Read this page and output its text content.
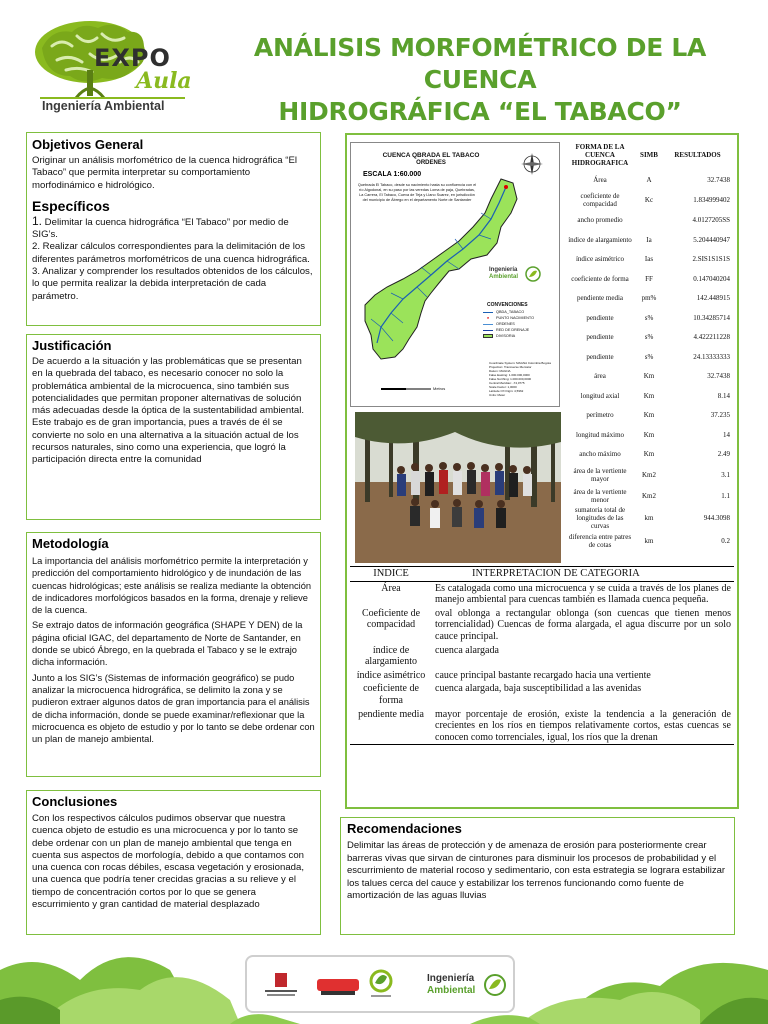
EXPO
Aula
Ingeniería Ambiental
ANÁLISIS MORFOMÉTRICO DE LA CUENCA
HIDROGRÁFICA “EL TABACO”
Objetivos General
Originar un análisis morfométrico de la cuenca hidrográfica “El Tabaco” que permita interpretar su comportamiento morfodinámico e hidrológico.
Específicos
1. Delimitar la cuenca hidrográfica “El Tabaco” por medio de SIG’s.
2. Realizar cálculos correspondientes para la delimitación de los diferentes parámetros morfométricos de una cuenca hidrográfica.
3. Analizar y comprender los resultados obtenidos de los cálculos, lo que permita realizar la debida interpretación de cada parámetro.
Justificación
De acuerdo a la situación y las problemáticas que se presentan en la quebrada del tabaco, es necesario conocer no solo la problemática ambiental de la microcuenca, sino también sus potencialidades que permitan proponer alternativas de solución más adecuadas desde la óptica de la sustentabilidad ambiental.
Este trabajo es de gran importancia, pues a través de él se convierte no solo en una alternativa a la situación actual de los recursos naturales, sino como una experiencia, que logró la participación directa entre la comunidad
Metodología
La importancia del análisis morfométrico permite la interpretación y predicción del comportamiento hidrológico y de inundación de las cuencas hidrológicas; este análisis se realiza mediante la obtención de indicadores morfológicos basados en la forma, drenaje y relieve de la cuenca.
Se extrajo datos de información geográfica (SHAPE Y DEN) de la página oficial IGAC, del departamento de Norte de Santander, en donde se ubicó Ábrego, en la quebrada el Tabaco y se le extrajo dicha información.
Junto a los SIG’s (Sistemas de información geográfico) se pudo analizar la microcuenca hidrográfica, se delimito la zona y se pudieron extraer algunos datos de gran importancia para el análisis de dicha información, donde se puede examinar/reflexionar que la microcuenca es objeto de estudio y por lo tanto se debe ordenar con un plan de manejo ambiental.
Conclusiones
Con los respectivos cálculos pudimos observar que nuestra cuenca objeto de estudio es una microcuenca y por lo tanto se debe ordenar con un plan de manejo ambiental que tenga en cuenta sus aspectos de morfología, debido a que contamos con una cuenca con rocas débiles, escasa vegetación y erosionada, una cuenca que podría tener crecidas gracias a su relieve y el tiempo de concentración cortos por lo que se genera escurrimiento y gran cantidad de material desplazado
CUENCA QBRADA EL TABACO
ORDENES
ESCALA 1:60.000
Quebrada El Tabaco, desde su nacimiento hasta su confluencia con el río Algodonal, en su paso por las veredas Loma de paja, Quebradas, La Carrera, El Tabaco, Cueva de Teja y Llano Suarez, en jurisdicción del municipio de Ábrego en el departamento Norte de Santander
Ingeniería
Ambiental
CONVENCIONES
QBDA_TABACO
● PUNTO NACIMIENTO
ORDENES
RED DE DRENAJE
DIVISORIA
Coordinate System: MAGNA Colombia Bogota
Projection: Transverse Mercator
Datum: MAGNA
False Easting: 1.000.000,0000
False Northing: 1.000.000,0000
Central Meridian: -74,0775
Scale Factor: 1,0000
Latitude Of Origin: 4,5962
Units: Meter
Metros
FORMA DE LA CUENCA HIDROGRAFICA	SIMB	RESULTADOS
Área	A	32.7438
coeficiente de compacidad	Kc	1.834999402
ancho promedio		4.0127205SS
índice de alargamiento	Ia	5.204440947
índice asimétrico	Ias	2.SIS1S1S1S
coeficiente de forma	FF	0.147040204
pendiente media	pm%	142.448915
pendiente	s%	10.34285714
pendiente	s%	4.422211228
pendiente	s%	24.13333333
área	Km	32.7438
longitud axial	Km	8.14
perímetro	Km	37.235
longitud máximo	Km	14
ancho máximo	Km	2.49
área de la vertiente mayor	Km2	3.1
área de la vertiente menor	Km2	1.1
sumatoria total de longitudes de las curvas	km	944.3098
diferencia entre patres de cotas	km	0.2
INDICE	INTERPRETACION DE CATEGORIA
Área	Es catalogada como una microcuenca y se cuida a través de los planes de manejo ambiental para cuencas también es llamada cuenca pequeña.
Coeficiente de compacidad	oval oblonga a rectangular oblonga (son cuencas que tienen menos torrencialidad) Cuencas de forma alargada, el agua discurre por un solo cauce principal.
índice de alargamiento	cuenca alargada
índice asimétrico	cauce principal bastante recargado hacia una vertiente
coeficiente de forma	cuenca alargada, baja susceptibilidad a las avenidas
pendiente media	mayor porcentaje de erosión, existe la tendencia a la generación de crecientes en los ríos en tiempos relativamente cortos, estas cuencas se conocen como torrenciales, igual, los ríos que la drenan
Recomendaciones
Delimitar las áreas de protección y de amenaza de erosión para posteriormente crear barreras vivas que sirvan de cinturones para disminuir los procesos de probabilidad y el escurrimiento de material rocoso y sedimentario, con esta estrategia se lograra estabilizar los talues cerca del cauce y estabilizar los terrenos funcionando como fuente de amortización de las aguas lluvias
Ingeniería
Ambiental
